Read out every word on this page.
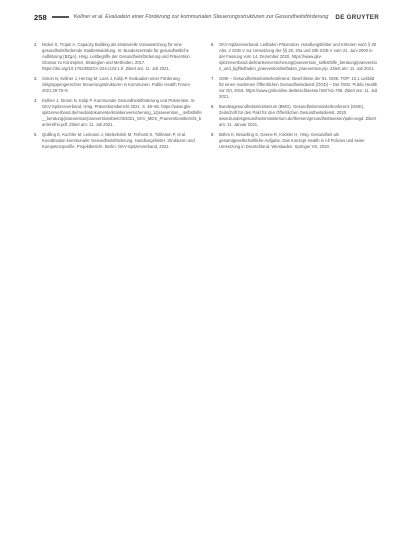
258	Kellner et al. Evaluation einer Förderung zur kommunalen Steuerungsstrukturen zur Gesundheitsförderung DE GRUYTER
2.	Nickel S, Trojan A. Capacity Building als strukturelle Voraussetzung für eine gesundheitsfördernde Stadtentwicklung. In: Bundeszentrale für gesundheitliche Aufklärung (BZgA), Hrsg. Leitbegriffe der Gesundheitsförderung und Prävention. Glossar zu Konzepten, Strategien und Methoden. 2017. https://doi.org/10.17623/BZGA:224-i133-1.0. Zitiert am: 11. Juli 2021.
3.	Simon N, Kellner J, Herzog M, Loos J, Kolip P. Evaluation einer Förderung zielgruppengerechter Steuerungsstrukturen in Kommunen. Public Health Forum 2021;29:75–8.
4.	Kellner J, Simon N, Kolip P. Kommunale Gesundheitsförderung und Prävention. In: GKV-Spitzenverband, Hrsg. Präventionsbericht 2021. S. 49–55. https://www.gkv-spitzenverband.de/media/dokumente/krankenversicherung_1/praevention__selbsthilfe__beratung/praevention/praeventionsbericht/2021_GKV_MDS_Praeventionsbericht_barrierefrei.pdf. Zitiert am: 11. Juli 2021.
5.	Quilling E, Kuchler M, Leimann J, Mielenbrink M, Terhorst S, Tollmann P, et al. Koordination kommunaler Gesundheitsförderung. Handlungsfelder, Strukturen und Kompetenzprofile. Projektbericht. Berlin: GKV-Spitzenverband, 2021.
6.	GKV-Spitzenverband. Leitfaden Prävention. Handlungsfelder und Kriterien nach § 20 Abs. 2 SGB V zur Umsetzung der §§ 20, 20a und 20b SGB V vom 21. Juni 2000 in der Fassung vom 14. Dezember 2020. https://www.gkv-spitzenverband.de/krankenversicherung/praevention_selbsthilfe_beratung/praevention_und_bgf/leitfaden_praevention/leitfaden_praevention.jsp. Zitiert am: 11. Juli 2021.
7.	GMK – Gesundheitsministerkonferenz. Beschlüsse der 91. GMK. TOP: 10.1 Leitbild für einen modernen Öffentlichen Gesundheitsdienst (ÖGD) – Der ÖGD: Public Health vor Ort, 2018. https://www.gmkonline.de/Beschluesse.html?id=708. Zitiert am: 11. Juli 2021.
8.	Bundesgesundheitsministerium (BMG). Gesundheitsministerkonferenz (GMK). Zeitschrift für den Pakt für den Öffentlichen Gesundheitsdienst, 2020. www.bundesgesundheitsministerium.de/themen/gesundheitswesen/pakt-oegd. Zitiert am: 11. Januar 2021.
9.	Böhm K, Bräunling S, Geene R, Köckler H, Hrsg. Gesundheit als gesamtgesellschaftliche Aufgabe. Das Konzept Health in All Policies und seine Umsetzung in Deutschland. Wiesbaden: Springer VS, 2020.
